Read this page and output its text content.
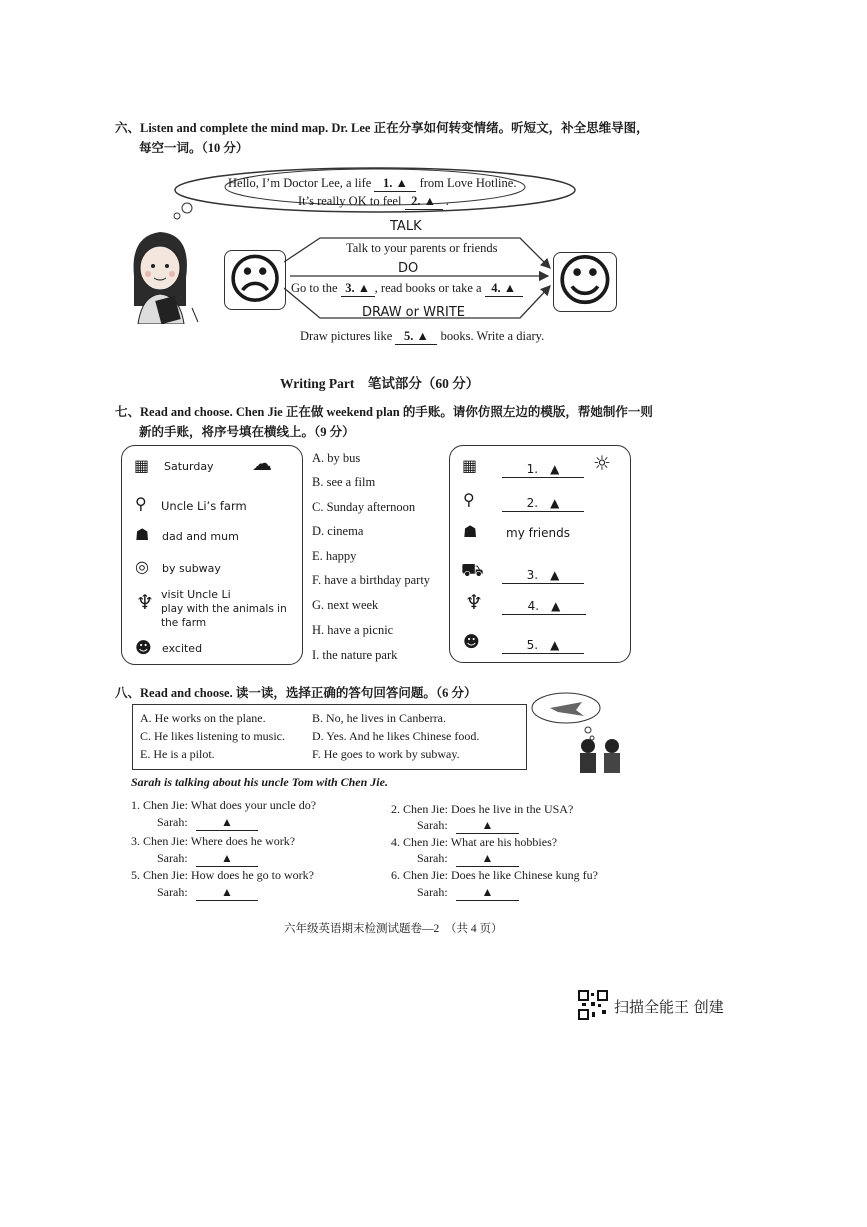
六、Listen and complete the mind map. Dr. Lee 正在分享如何转变情绪。听短文，补全思维导图，
每空一词。（10 分）
Hello, I’m Doctor Lee, a life 1. ▲ from Love Hotline.
It’s really OK to feel 2. ▲ .
☹	☺
TALK
Talk to your parents or friends
DO
Go to the 3. ▲ , read books or take a 4. ▲
DRAW or WRITE
Draw pictures like 5. ▲ books. Write a diary.
Writing Part　笔试部分（60 分）
七、Read and choose. Chen Jie 正在做 weekend plan 的手账。请你仿照左边的模版，帮她制作一则
新的手账，将序号填在横线上。（9 分）
▦ Saturday ☁
⚲ Uncle Li’s farm
☗ dad and mum
◎ by subway
♆ visit Uncle Li
play with the animals in
the farm
☻ excited
A. by bus
B. see a film
C. Sunday afternoon
D. cinema
E. happy
F. have a birthday party
G. next week
H. have a picnic
I. the nature park
▦	1.　▲	☼
⚲	2.　▲
☗ my friends
⛟	3.　▲
♆	4.　▲
☻	5.　▲
八、Read and choose. 读一读，选择正确的答句回答问题。（6 分）
A. He works on the plane.	B. No, he lives in Canberra.
C. He likes listening to music. D. Yes. And he likes Chinese food.
E. He is a pilot.	F. He goes to work by subway.
Sarah is talking about his uncle Tom with Chen Jie.
1. Chen Jie: What does your uncle do?
Sarah:	▲
2. Chen Jie: Does he live in the USA?
Sarah:	▲
3. Chen Jie: Where does he work?
Sarah:	▲
4. Chen Jie: What are his hobbies?
Sarah:	▲
5. Chen Jie: How does he go to work?
Sarah:	▲
6. Chen Jie: Does he like Chinese kung fu?
Sarah:	▲
六年级英语期末检测试题卷—2　（共 4 页）
扫描全能王 创建
